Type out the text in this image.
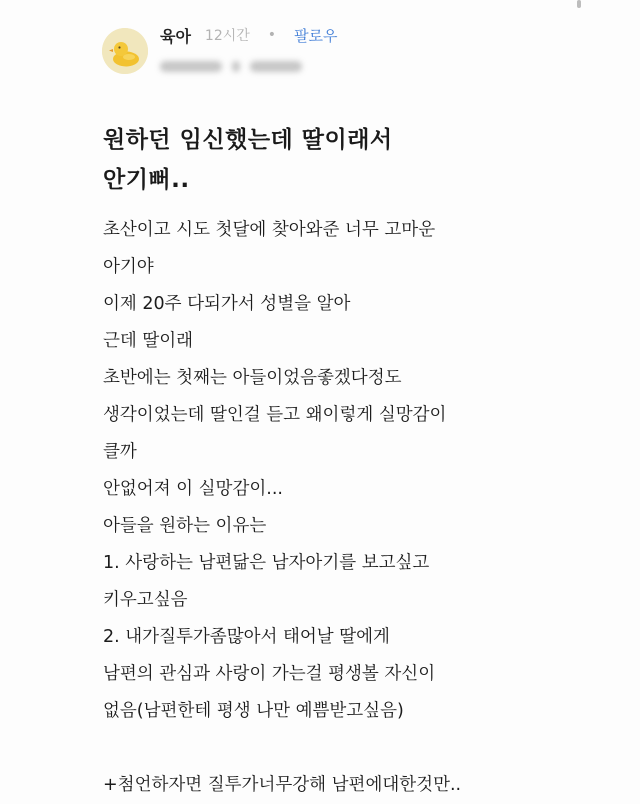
육아 12시간 • 팔로우
원하던 임신했는데 딸이래서
안기뻐..
초산이고 시도 첫달에 찾아와준 너무 고마운
아기야
이제 20주 다되가서 성별을 알아
근데 딸이래
초반에는 첫째는 아들이었음좋겠다정도
생각이었는데 딸인걸 듣고 왜이렇게 실망감이
클까
안없어져 이 실망감이...
아들을 원하는 이유는
1. 사랑하는 남편닮은 남자아기를 보고싶고
키우고싶음
2. 내가질투가좀많아서 태어날 딸에게
남편의 관심과 사랑이 가는걸 평생볼 자신이
없음(남편한테 평생 나만 예쁨받고싶음)
+첨언하자면 질투가너무강해 남편에대한것만..
